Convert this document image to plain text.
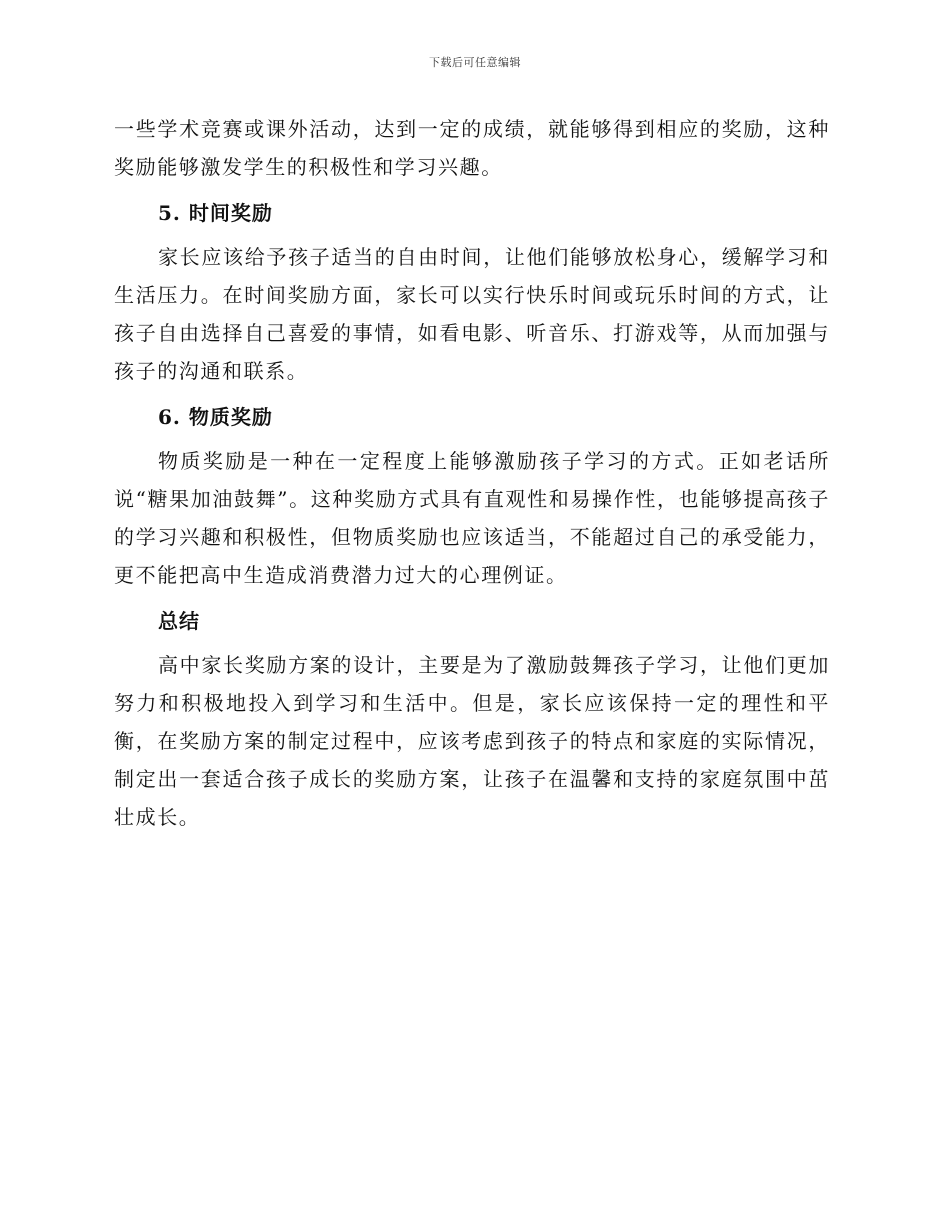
下载后可任意编辑

一些学术竞赛或课外活动，达到一定的成绩，就能够得到相应的奖励，这种奖励能够激发学生的积极性和学习兴趣。

5. 时间奖励

家长应该给予孩子适当的自由时间，让他们能够放松身心，缓解学习和生活压力。在时间奖励方面，家长可以实行快乐时间或玩乐时间的方式，让孩子自由选择自己喜爱的事情，如看电影、听音乐、打游戏等，从而加强与孩子的沟通和联系。

6. 物质奖励

物质奖励是一种在一定程度上能够激励孩子学习的方式。正如老话所说“糖果加油鼓舞”。这种奖励方式具有直观性和易操作性，也能够提高孩子的学习兴趣和积极性，但物质奖励也应该适当，不能超过自己的承受能力，更不能把高中生造成消费潜力过大的心理例证。

总结

高中家长奖励方案的设计，主要是为了激励鼓舞孩子学习，让他们更加努力和积极地投入到学习和生活中。但是，家长应该保持一定的理性和平衡，在奖励方案的制定过程中，应该考虑到孩子的特点和家庭的实际情况，制定出一套适合孩子成长的奖励方案，让孩子在温馨和支持的家庭氛围中茁壮成长。
